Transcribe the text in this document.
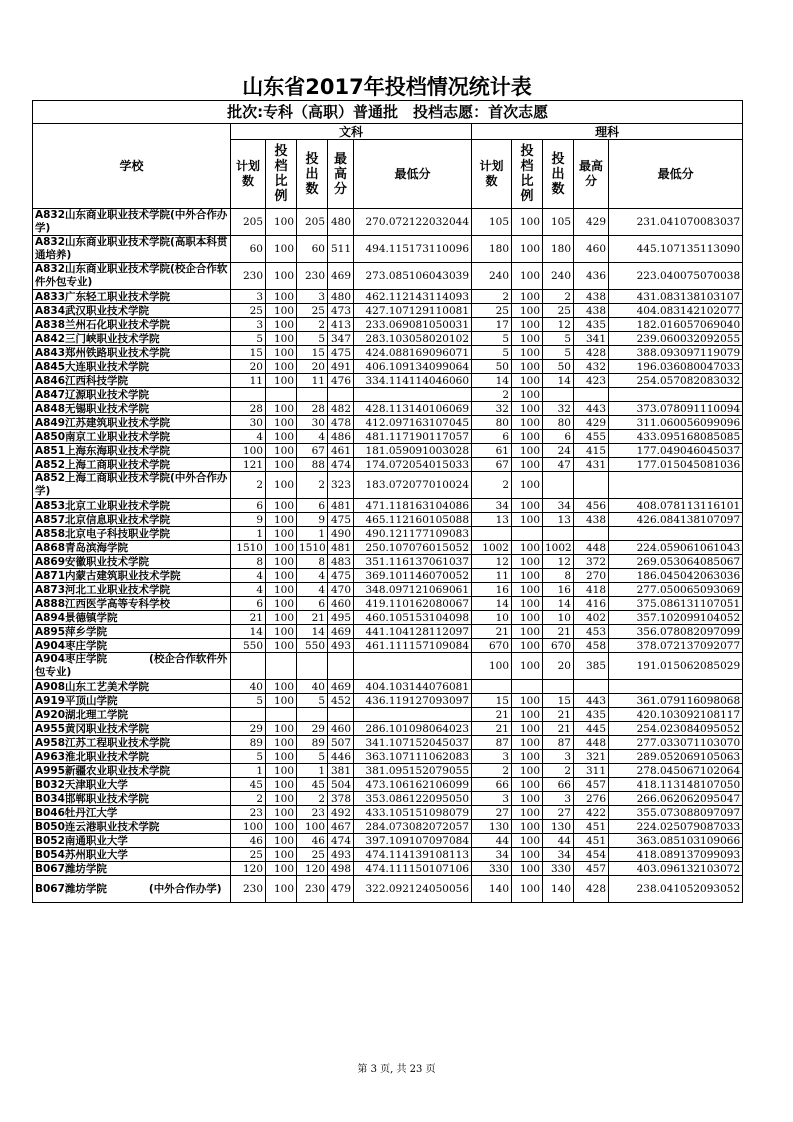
山东省2017年投档情况统计表
批次:专科（高职）普通批　投档志愿：首次志愿										
学校	文科					理科				
	计划数	投档比例	投出数	最高分	最低分	计划数	投档比例	投出数	最高分	最低分
A832山东商业职业技术学院(中外合作办学)	205	100	205	480	270.072122032044	105	100	105	429	231.041070083037
A832山东商业职业技术学院(高职本科贯通培养)	60	100	60	511	494.115173110096	180	100	180	460	445.107135113090
A832山东商业职业技术学院(校企合作软件外包专业)	230	100	230	469	273.085106043039	240	100	240	436	223.040075070038
A833广东轻工职业技术学院	3	100	3	480	462.112143114093	2	100	2	438	431.083138103107
A834武汉职业技术学院	25	100	25	473	427.107129110081	25	100	25	438	404.083142102077
A838兰州石化职业技术学院	3	100	2	413	233.069081050031	17	100	12	435	182.016057069040
A842三门峡职业技术学院	5	100	5	347	283.103058020102	5	100	5	341	239.060032092055
A843郑州铁路职业技术学院	15	100	15	475	424.088169096071	5	100	5	428	388.093097119079
A845大连职业技术学院	20	100	20	491	406.109134099064	50	100	50	432	196.036080047033
A846江西科技学院	11	100	11	476	334.114114046060	14	100	14	423	254.057082083032
A847辽源职业技术学院						2	100			
A848无锡职业技术学院	28	100	28	482	428.113140106069	32	100	32	443	373.078091110094
A849江苏建筑职业技术学院	30	100	30	478	412.097163107045	80	100	80	429	311.060056099096
A850南京工业职业技术学院	4	100	4	486	481.117190117057	6	100	6	455	433.095168085085
A851上海东海职业技术学院	100	100	67	461	181.059091003028	61	100	24	415	177.049046045037
A852上海工商职业技术学院	121	100	88	474	174.072054015033	67	100	47	431	177.015045081036
A852上海工商职业技术学院(中外合作办学)	2	100	2	323	183.072077010024	2	100			
A853北京工业职业技术学院	6	100	6	481	471.118163104086	34	100	34	456	408.078113116101
A857北京信息职业技术学院	9	100	9	475	465.112160105088	13	100	13	438	426.084138107097
A858北京电子科技职业学院	1	100	1	490	490.121177109083					
A868青岛滨海学院	1510	100	1510	481	250.107076015052	1002	100	1002	448	224.059061061043
A869安徽职业技术学院	8	100	8	483	351.116137061037	12	100	12	372	269.053064085067
A871内蒙古建筑职业技术学院	4	100	4	475	369.101146070052	11	100	8	270	186.045042063036
A873河北工业职业技术学院	4	100	4	470	348.097121069061	16	100	16	418	277.050065093069
A888江西医学高等专科学校	6	100	6	460	419.110162080067	14	100	14	416	375.086131107051
A894景德镇学院	21	100	21	495	460.105153104098	10	100	10	402	357.102099104052
A895萍乡学院	14	100	14	469	441.104128112097	21	100	21	453	356.078082097099
A904枣庄学院	550	100	550	493	461.111157109084	670	100	670	458	378.072137092077
A904枣庄学院　　　　(校企合作软件外包专业)						100	100	20	385	191.015062085029
A908山东工艺美术学院	40	100	40	469	404.103144076081					
A919平顶山学院	5	100	5	452	436.119127093097	15	100	15	443	361.079116098068
A920湖北理工学院						21	100	21	435	420.103092108117
A955黄冈职业技术学院	29	100	29	460	286.101098064023	21	100	21	445	254.023084095052
A958江苏工程职业技术学院	89	100	89	507	341.107152045037	87	100	87	448	277.033071103070
A963淮北职业技术学院	5	100	5	446	363.107111062083	3	100	3	321	289.052069105063
A995新疆农业职业技术学院	1	100	1	381	381.095152079055	2	100	2	311	278.045067102064
B032天津职业大学	45	100	45	504	473.106162106099	66	100	66	457	418.113148107050
B034邯郸职业技术学院	2	100	2	378	353.086122095050	3	100	3	276	266.062062095047
B046牡丹江大学	23	100	23	492	433.105151098079	27	100	27	422	355.073088097097
B050连云港职业技术学院	100	100	100	467	284.073082072057	130	100	130	451	224.025079087033
B052南通职业大学	46	100	46	474	397.109107097084	44	100	44	451	363.085103109066
B054苏州职业大学	25	100	25	493	474.114139108113	34	100	34	454	418.089137099093
B067潍坊学院	120	100	120	498	474.111150107106	330	100	330	457	403.096132103072
B067潍坊学院　　　　(中外合作办学)	230	100	230	479	322.092124050056	140	100	140	428	238.041052093052
第 3 页, 共 23 页
